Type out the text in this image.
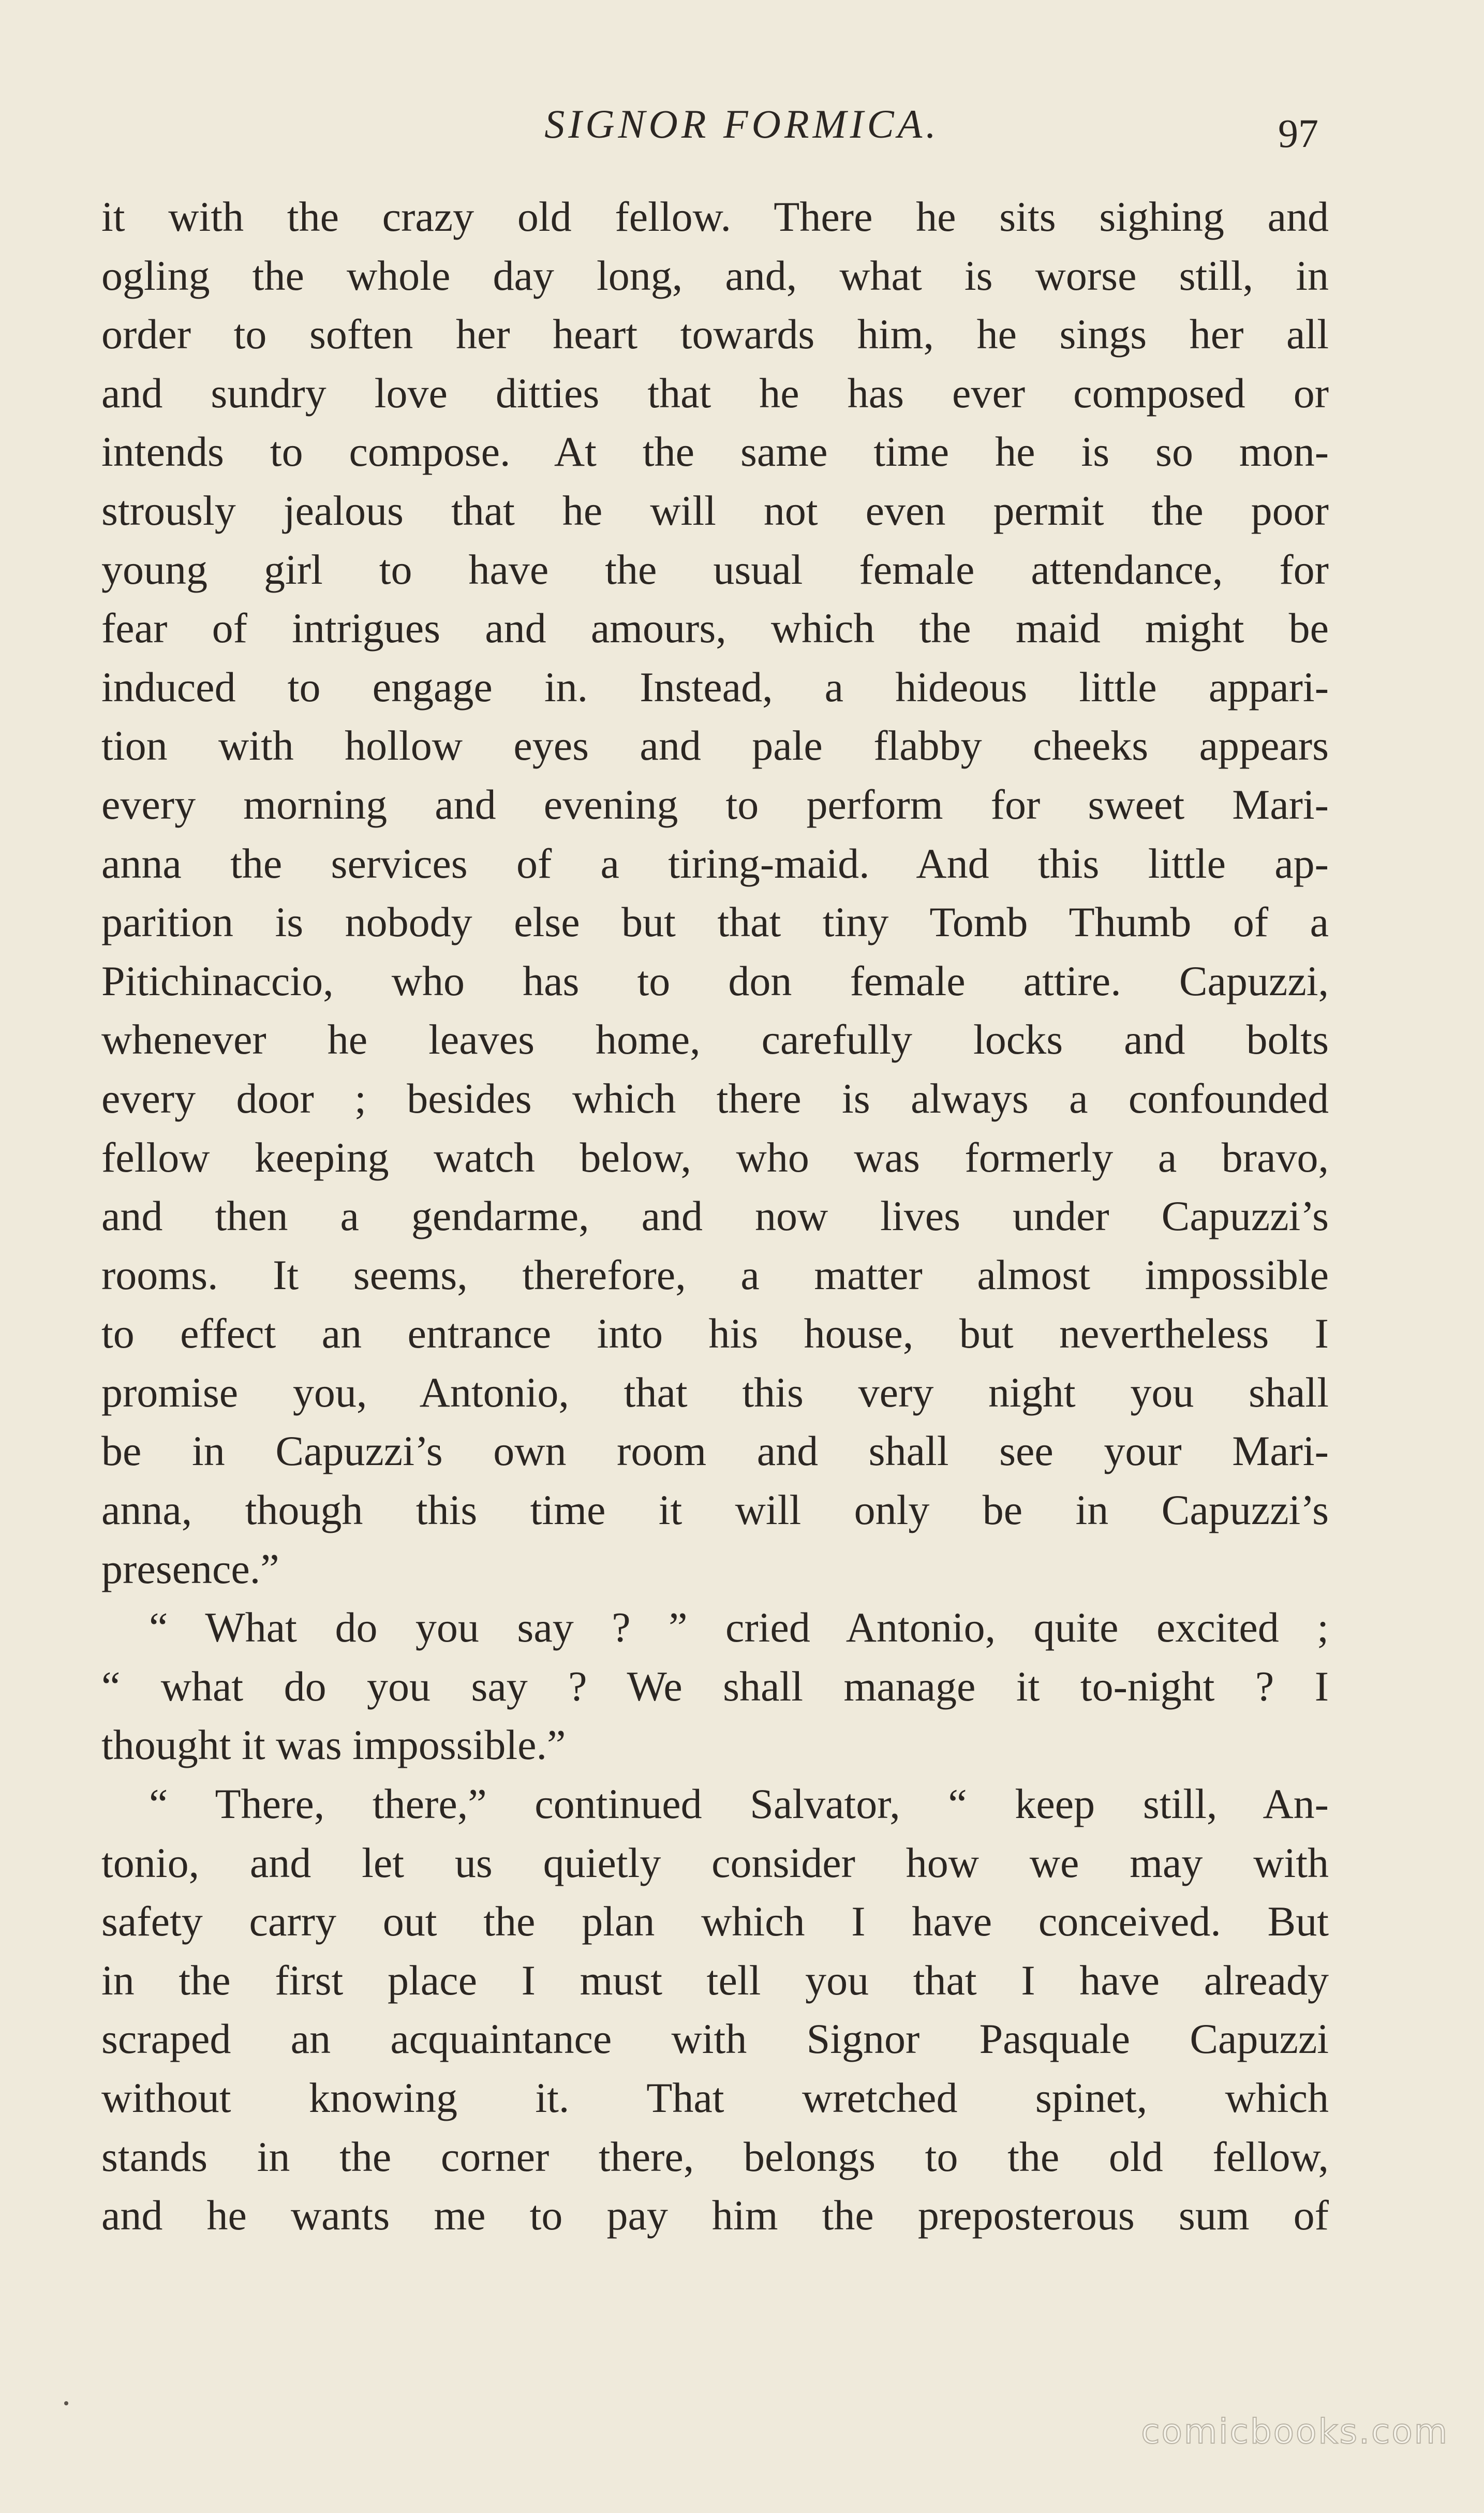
SIGNOR FORMICA.	97
it with the crazy old fellow. There he sits sighing and
ogling the whole day long, and, what is worse still, in
order to soften her heart towards him, he sings her all
and sundry love ditties that he has ever composed or
intends to compose. At the same time he is so mon-
strously jealous that he will not even permit the poor
young girl to have the usual female attendance, for
fear of intrigues and amours, which the maid might be
induced to engage in. Instead, a hideous little appari-
tion with hollow eyes and pale flabby cheeks appears
every morning and evening to perform for sweet Mari-
anna the services of a tiring-maid. And this little ap-
parition is nobody else but that tiny Tomb Thumb of a
Pitichinaccio, who has to don female attire. Capuzzi,
whenever he leaves home, carefully locks and bolts
every door ; besides which there is always a confounded
fellow keeping watch below, who was formerly a bravo,
and then a gendarme, and now lives under Capuzzi’s
rooms. It seems, therefore, a matter almost impossible
to effect an entrance into his house, but nevertheless I
promise you, Antonio, that this very night you shall
be in Capuzzi’s own room and shall see your Mari-
anna, though this time it will only be in Capuzzi’s
presence.”
“ What do you say ? ” cried Antonio, quite excited ;
“ what do you say ? We shall manage it to-night ? I
thought it was impossible.”
“ There, there,” continued Salvator, “ keep still, An-
tonio, and let us quietly consider how we may with
safety carry out the plan which I have conceived. But
in the first place I must tell you that I have already
scraped an acquaintance with Signor Pasquale Capuzzi
without knowing it. That wretched spinet, which
stands in the corner there, belongs to the old fellow,
and he wants me to pay him the preposterous sum of
comicbooks.com
